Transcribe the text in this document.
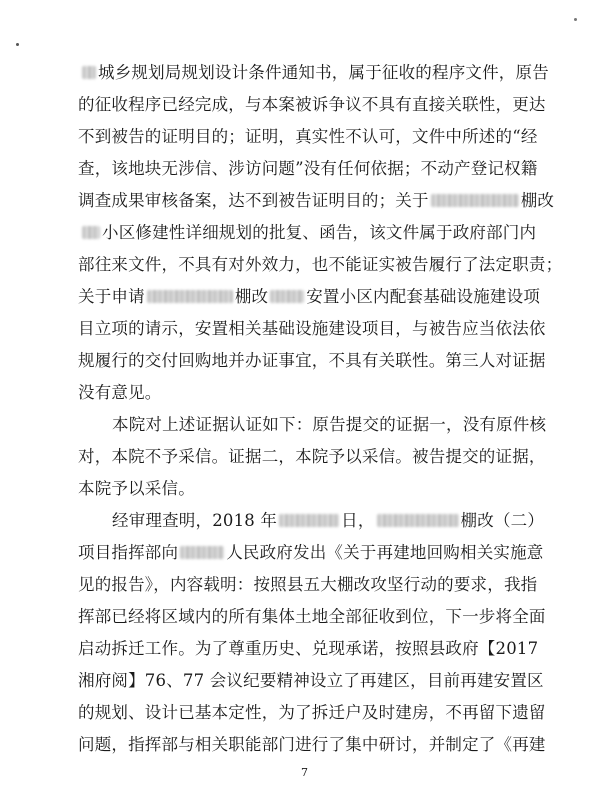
城乡规划局规划设计条件通知书，属于征收的程序文件，原告
的征收程序已经完成，与本案被诉争议不具有直接关联性，更达
不到被告的证明目的；证明，真实性不认可，文件中所述的“经
查，该地块无涉信、涉访问题”没有任何依据；不动产登记权籍
调查成果审核备案，达不到被告证明目的；关于	棚改
小区修建性详细规划的批复、函告，该文件属于政府部门内
部往来文件，不具有对外效力，也不能证实被告履行了法定职责；
关于申请	棚改 安置小区内配套基础设施建设项
目立项的请示，安置相关基础设施建设项目，与被告应当依法依
规履行的交付回购地并办证事宜，不具有关联性。第三人对证据
没有意见。
本院对上述证据认证如下：原告提交的证据一，没有原件核
对，本院不予采信。证据二，本院予以采信。被告提交的证据，
本院予以采信。
经审理查明，2018 年	日，	棚改（二）
项目指挥部向	人民政府发出《关于再建地回购相关实施意
见的报告》，内容载明：按照县五大棚改攻坚行动的要求，我指
挥部已经将区域内的所有集体土地全部征收到位，下一步将全面
启动拆迁工作。为了尊重历史、兑现承诺，按照县政府【2017
湘府阅】76、77 会议纪要精神设立了再建区，目前再建安置区
的规划、设计已基本定性，为了拆迁户及时建房，不再留下遗留
问题，指挥部与相关职能部门进行了集中研讨，并制定了《再建
7
